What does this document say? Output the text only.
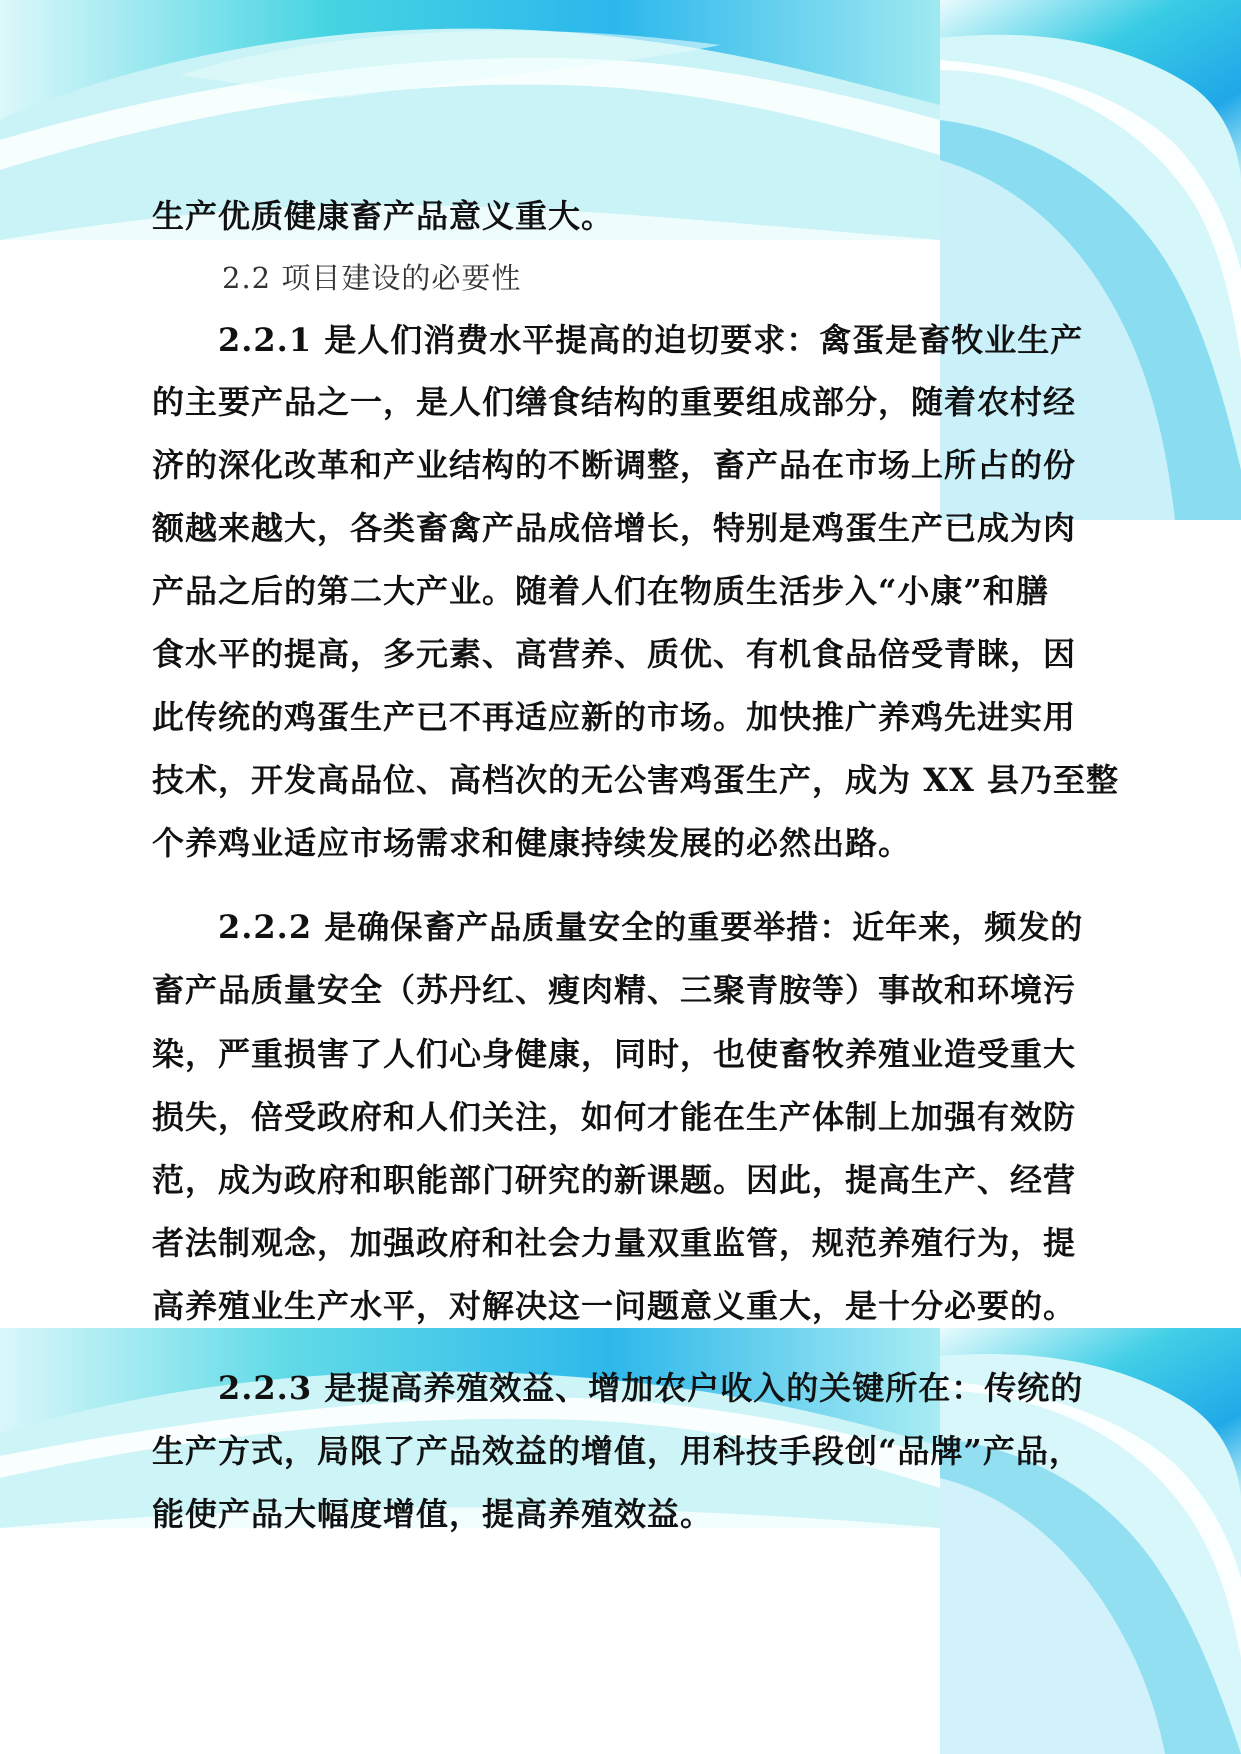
生产优质健康畜产品意义重大。
2.2 项目建设的必要性
2.2.1 是人们消费水平提高的迫切要求：禽蛋是畜牧业生产
的主要产品之一，是人们缮食结构的重要组成部分，随着农村经
济的深化改革和产业结构的不断调整，畜产品在市场上所占的份
额越来越大，各类畜禽产品成倍增长，特别是鸡蛋生产已成为肉
产品之后的第二大产业。随着人们在物质生活步入“小康”和膳
食水平的提高，多元素、高营养、质优、有机食品倍受青睐，因
此传统的鸡蛋生产已不再适应新的市场。加快推广养鸡先进实用
技术，开发高品位、高档次的无公害鸡蛋生产，成为 XX 县乃至整
个养鸡业适应市场需求和健康持续发展的必然出路。
2.2.2 是确保畜产品质量安全的重要举措：近年来，频发的
畜产品质量安全（苏丹红、瘦肉精、三聚青胺等）事故和环境污
染，严重损害了人们心身健康，同时，也使畜牧养殖业造受重大
损失，倍受政府和人们关注，如何才能在生产体制上加强有效防
范，成为政府和职能部门研究的新课题。因此，提高生产、经营
者法制观念，加强政府和社会力量双重监管，规范养殖行为，提
高养殖业生产水平，对解决这一问题意义重大，是十分必要的。
2.2.3 是提高养殖效益、增加农户收入的关键所在：传统的
生产方式，局限了产品效益的增值，用科技手段创“品牌”产品，
能使产品大幅度增值，提高养殖效益。
